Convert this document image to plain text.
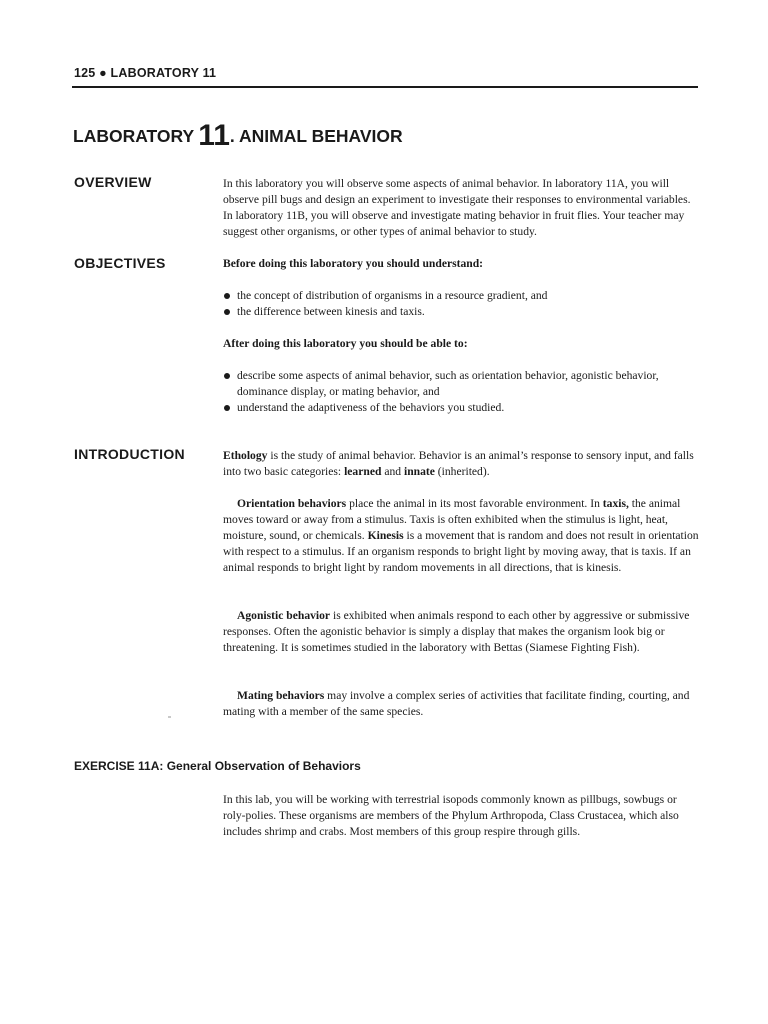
125 ● LABORATORY 11
LABORATORY 11. ANIMAL BEHAVIOR
OVERVIEW	In this laboratory you will observe some aspects of animal behavior. In laboratory 11A, you will observe pill bugs and design an experiment to investigate their responses to environmental variables. In laboratory 11B, you will observe and investigate mating behavior in fruit flies. Your teacher may suggest other organisms, or other types of animal behavior to study.

OBJECTIVES	Before doing this laboratory you should understand:
the concept of distribution of organisms in a resource gradient, and
the difference between kinesis and taxis.
After doing this laboratory you should be able to:
describe some aspects of animal behavior, such as orientation behavior, agonistic behavior, dominance display, or mating behavior, and
understand the adaptiveness of the behaviors you studied.
INTRODUCTION	Ethology is the study of animal behavior. Behavior is an animal’s response to sensory input, and falls into two basic categories: learned and innate (inherited).

Orientation behaviors place the animal in its most favorable environment. In taxis, the animal moves toward or away from a stimulus. Taxis is often exhibited when the stimulus is light, heat, moisture, sound, or chemicals. Kinesis is a movement that is random and does not result in orientation with respect to a stimulus. If an organism responds to bright light by moving away, that is taxis. If an animal responds to bright light by random movements in all directions, that is kinesis.

Agonistic behavior is exhibited when animals respond to each other by aggressive or submissive responses. Often the agonistic behavior is simply a display that makes the organism look big or threatening. It is sometimes studied in the laboratory with Bettas (Siamese Fighting Fish).

Mating behaviors may involve a complex series of activities that facilitate finding, courting, and mating with a member of the same species.

EXERCISE 11A: General Observation of Behaviors

In this lab, you will be working with terrestrial isopods commonly known as pillbugs, sowbugs or roly-polies. These organisms are members of the Phylum Arthropoda, Class Crustacea, which also includes shrimp and crabs. Most members of this group respire through gills.
